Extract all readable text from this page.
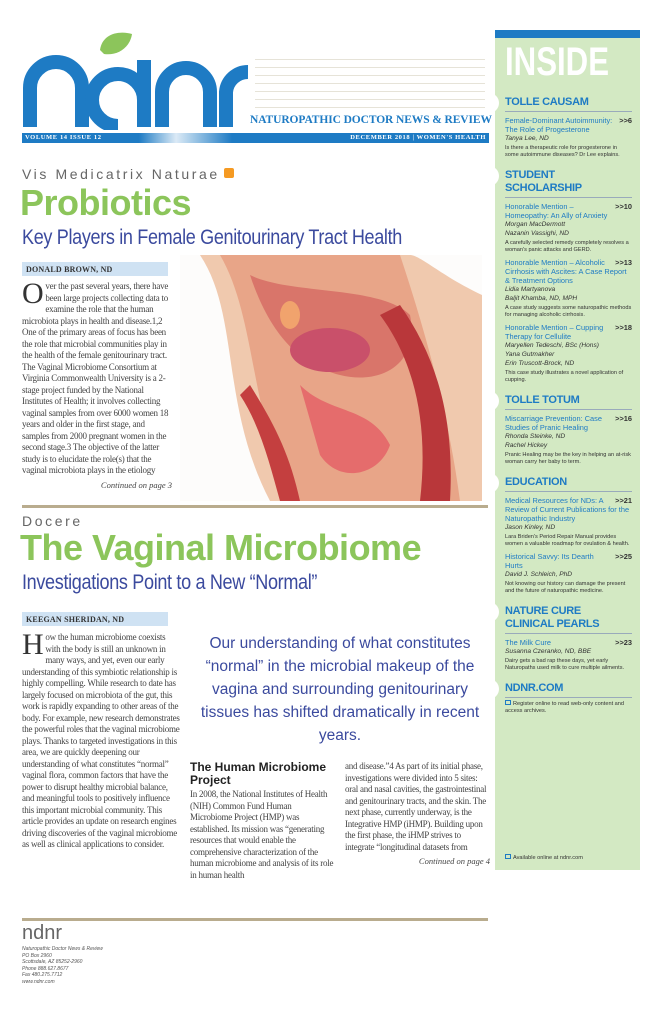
NATUROPATHIC DOCTOR NEWS & REVIEW
VOLUME 14 ISSUE 12	DECEMBER 2018 | WOMEN'S HEALTH
Vis Medicatrix Naturae
Probiotics
Key Players in Female Genitourinary Tract Health
DONALD BROWN, ND
Over the past several years, there have been large projects collecting data to examine the role that the human microbiota plays in health and disease.1,2 One of the primary areas of focus has been the role that microbial communities play in the health of the female genitourinary tract. The Vaginal Microbiome Consortium at Virginia Commonwealth University is a 2-stage project funded by the National Institutes of Health; it involves collecting vaginal samples from over 6000 women 18 years and older in the first stage, and samples from 2000 pregnant women in the second stage.3 The objective of the latter study is to elucidate the role(s) that the vaginal microbiota plays in the etiology
Continued on page 3
Docere
The Vaginal Microbiome
Investigations Point to a New “Normal”
KEEGAN SHERIDAN, ND
How the human microbiome coexists with the body is still an unknown in many ways, and yet, even our early understanding of this symbiotic relationship is highly compelling. While research to date has largely focused on microbiota of the gut, this work is rapidly expanding to other areas of the body. For example, new research demonstrates the powerful roles that the vaginal microbiome plays. Thanks to targeted investigations in this area, we are quickly deepening our understanding of what constitutes “normal” vaginal flora, common factors that have the power to disrupt healthy microbial balance, and meaningful tools to positively influence this important microbial community. This article provides an update on research engines driving discoveries of the vaginal microbiome as well as clinical applications to consider.
Our understanding of what constitutes “normal” in the microbial makeup of the vagina and surrounding genitourinary tissues has shifted dramatically in recent years.
The Human Microbiome Project
In 2008, the National Institutes of Health (NIH) Common Fund Human Microbiome Project (HMP) was established. Its mission was “generating resources that would enable the comprehensive characterization of the human microbiome and analysis of its role in human health
and disease.”4 As part of its initial phase, investigations were divided into 5 sites: oral and nasal cavities, the gastrointestinal and genitourinary tracts, and the skin. The next phase, currently underway, is the Integrative HMP (iHMP). Building upon the first phase, the iHMP strives to integrate “longitudinal datasets from
Continued on page 4
INSIDE
TOLLE CAUSAM
>>6
Female-Dominant Autoimmunity: The Role of Progesterone
Tanya Lee, ND
Is there a therapeutic role for progesterone in some autoimmune diseases? Dr Lee explains.
STUDENT SCHOLARSHIP
>>10
Honorable Mention – Homeopathy: An Ally of Anxiety
Morgan MacDermott
Nazanin Vassighi, ND
A carefully selected remedy completely resolves a woman's panic attacks and GERD.
>>13
Honorable Mention – Alcoholic Cirrhosis with Ascites: A Case Report & Treatment Options
Lidia Martyanova
Baljit Khamba, ND, MPH
A case study suggests some naturopathic methods for managing alcoholic cirrhosis.
>>18
Honorable Mention – Cupping Therapy for Cellulite
Maryellen Tedeschi, BSc (Hons)
Yana Gutmakher
Erin Truscott-Brock, ND
This case study illustrates a novel application of cupping.
TOLLE TOTUM
>>16
Miscarriage Prevention: Case Studies of Pranic Healing
Rhonda Steinke, ND
Rachel Hickey
Pranic Healing may be the key in helping an at-risk woman carry her baby to term.
EDUCATION
>>21
Medical Resources for NDs: A Review of Current Publications for the Naturopathic Industry
Jason Kinley, ND
Lara Briden's Period Repair Manual provides women a valuable roadmap for ovulation & health.
>>25
Historical Savvy: Its Dearth Hurts
David J. Schleich, PhD
Not knowing our history can damage the present and the future of naturopathic medicine.
NATURE CURE CLINICAL PEARLS
>>23
The Milk Cure
Susanna Czeranko, ND, BBE
Dairy gets a bad rap these days, yet early Naturopaths used milk to cure multiple ailments.
NDNR.COM
Register online to read web-only content and access archives.
Available online at ndnr.com
ndnr
Naturopathic Doctor News & Review
PO Box 2960
Scottsdale, AZ 85252-2960
Phone 888.627.8677
Fax 480.275.7712
www.ndnr.com
